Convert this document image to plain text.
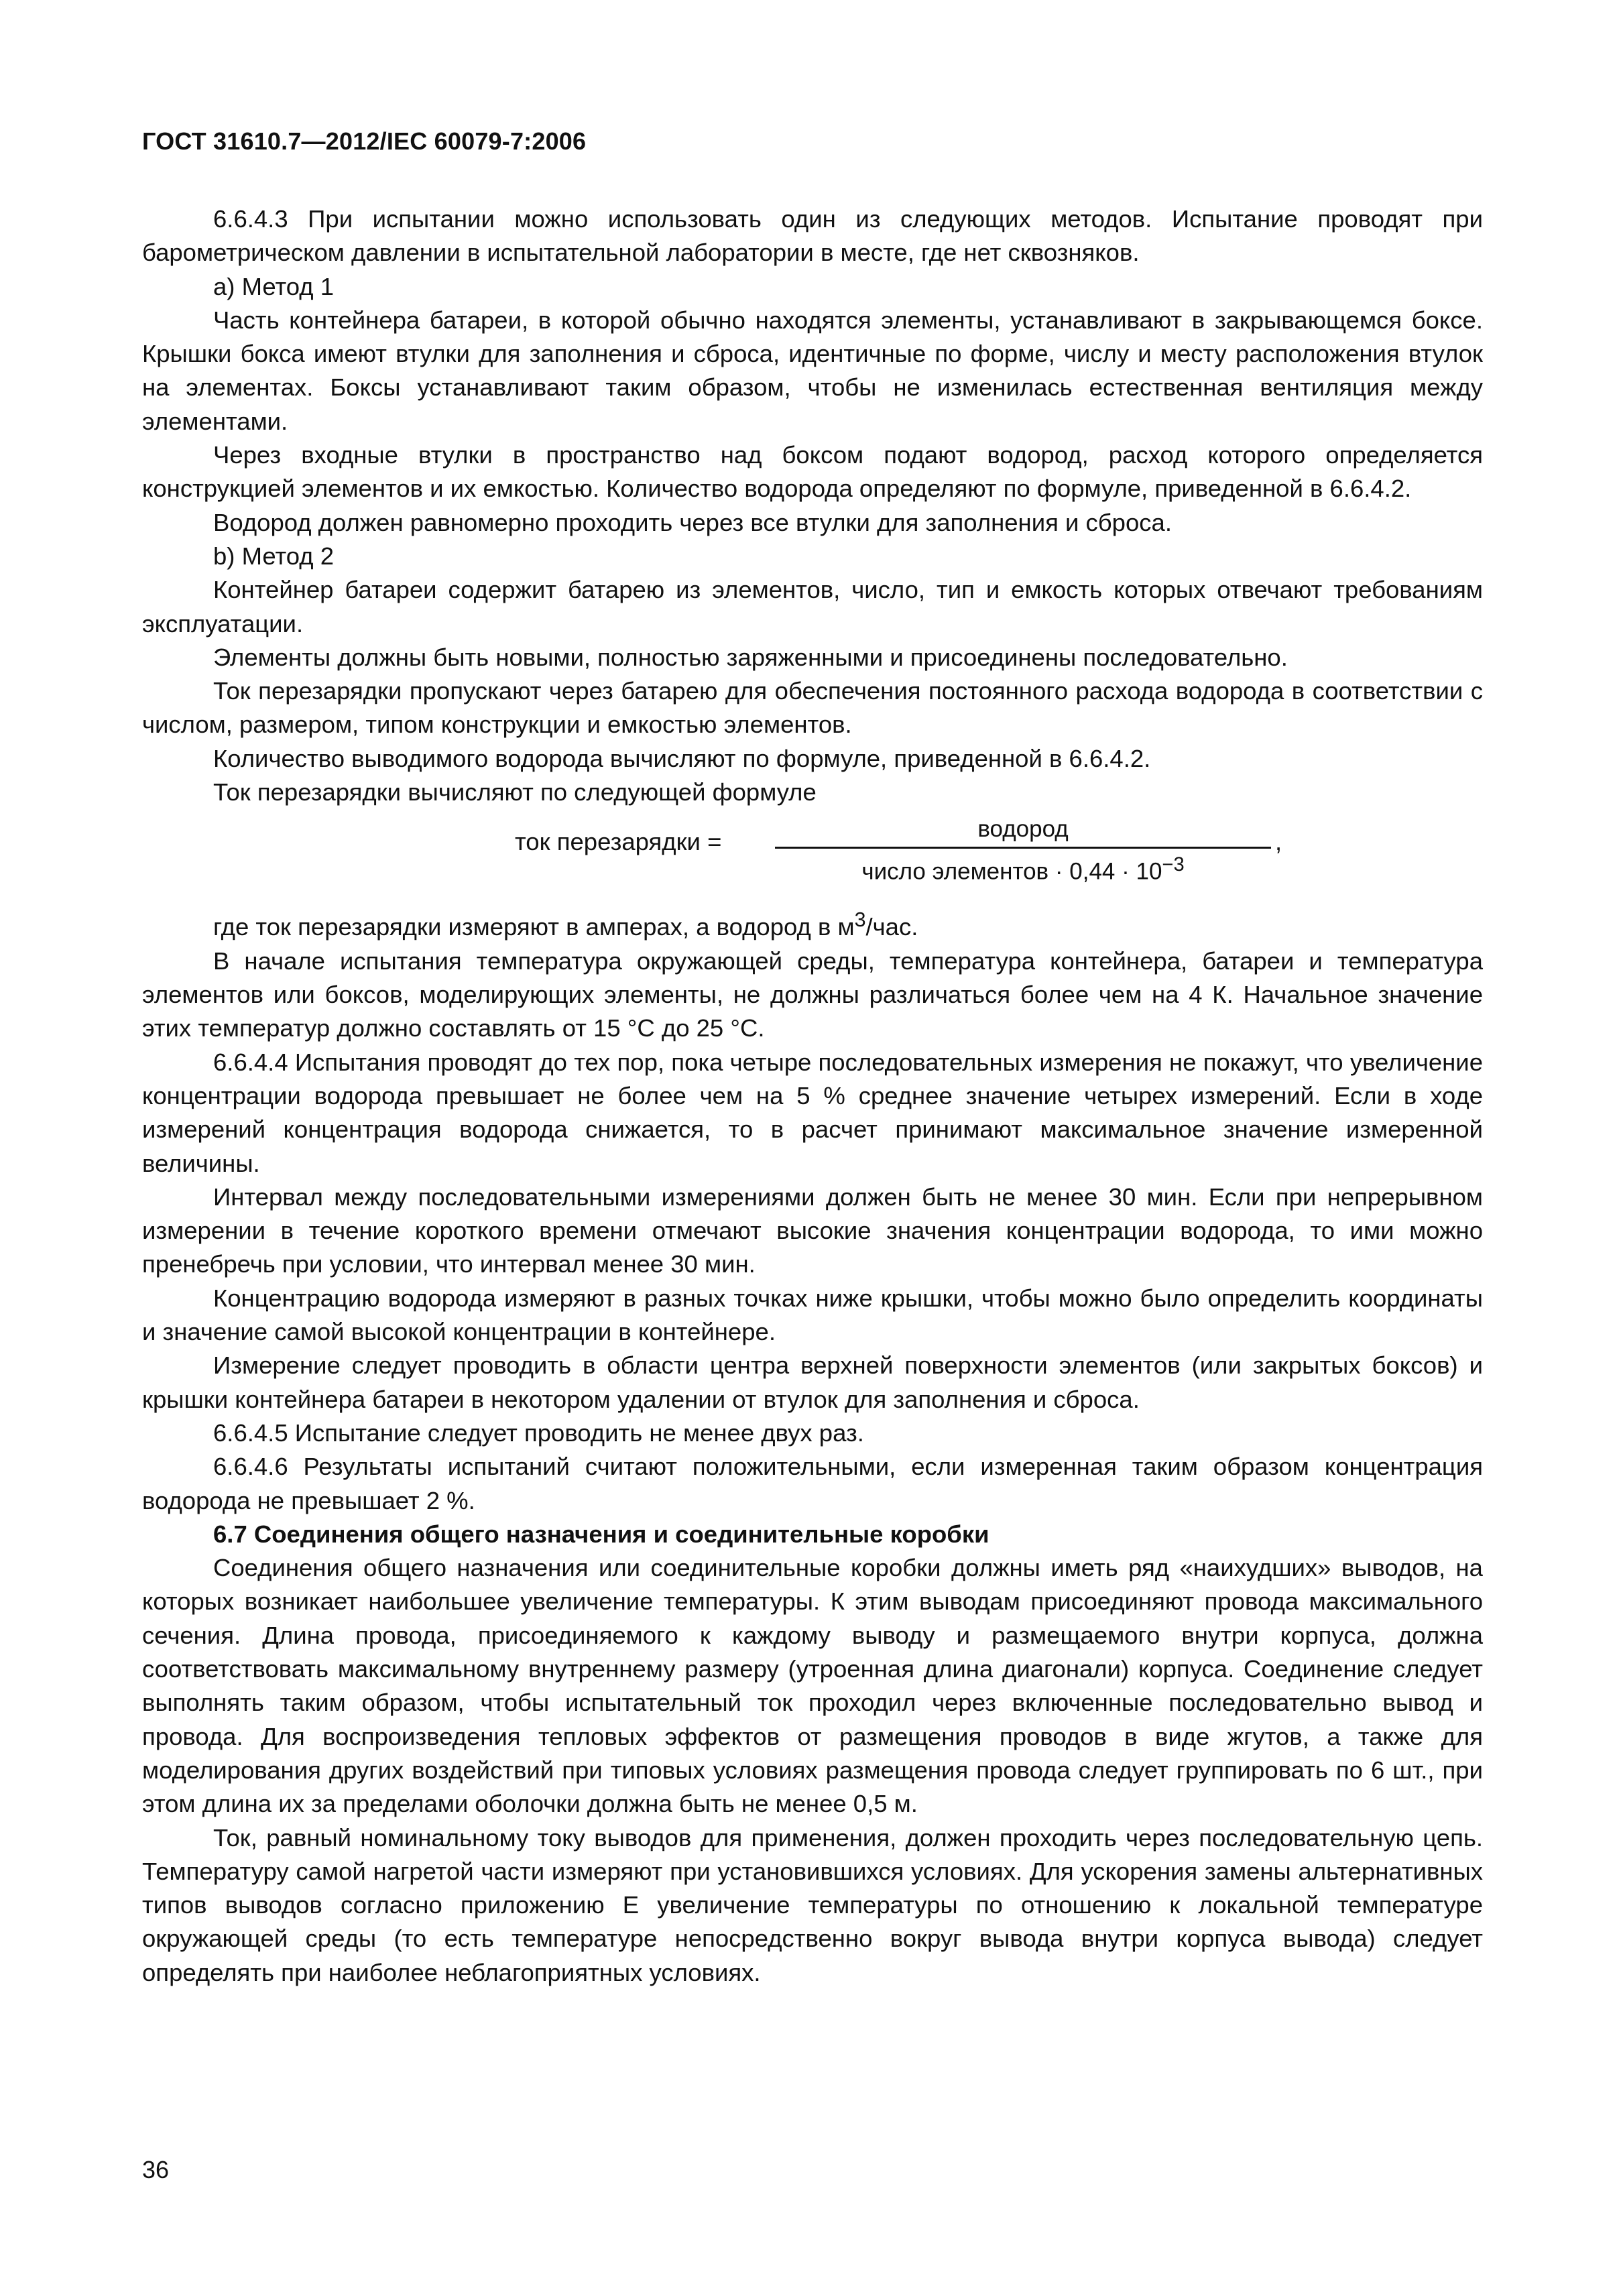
ГОСТ 31610.7—2012/IEC 60079-7:2006

6.6.4.3 При испытании можно использовать один из следующих методов. Испытание проводят при барометрическом давлении в испытательной лаборатории в месте, где нет сквозняков.

а) Метод 1

Часть контейнера батареи, в которой обычно находятся элементы, устанавливают в закрывающемся боксе. Крышки бокса имеют втулки для заполнения и сброса, идентичные по форме, числу и месту расположения втулок на элементах. Боксы устанавливают таким образом, чтобы не изменилась естественная вентиляция между элементами.

Через входные втулки в пространство над боксом подают водород, расход которого определяется конструкцией элементов и их емкостью. Количество водорода определяют по формуле, приведенной в 6.6.4.2.

Водород должен равномерно проходить через все втулки для заполнения и сброса.

b) Метод 2

Контейнер батареи содержит батарею из элементов, число, тип и емкость которых отвечают требованиям эксплуатации.

Элементы должны быть новыми, полностью заряженными и присоединены последовательно.

Ток перезарядки пропускают через батарею для обеспечения постоянного расхода водорода в соответствии с числом, размером, типом конструкции и емкостью элементов.

Количество выводимого водорода вычисляют по формуле, приведенной в 6.6.4.2.

Ток перезарядки вычисляют по следующей формуле

ток перезарядки =	водород
число элементов · $0,44 \cdot 10^{-3}$
,

где ток перезарядки измеряют в амперах, а водород в $м^3$/час.

В начале испытания температура окружающей среды, температура контейнера, батареи и температура элементов или боксов, моделирующих элементы, не должны различаться более чем на 4 К. Начальное значение этих температур должно составлять от 15 °С до 25 °С.

6.6.4.4 Испытания проводят до тех пор, пока четыре последовательных измерения не покажут, что увеличение концентрации водорода превышает не более чем на 5 % среднее значение четырех измерений. Если в ходе измерений концентрация водорода снижается, то в расчет принимают максимальное значение измеренной величины.

Интервал между последовательными измерениями должен быть не менее 30 мин. Если при непрерывном измерении в течение короткого времени отмечают высокие значения концентрации водорода, то ими можно пренебречь при условии, что интервал менее 30 мин.

Концентрацию водорода измеряют в разных точках ниже крышки, чтобы можно было определить координаты и значение самой высокой концентрации в контейнере.

Измерение следует проводить в области центра верхней поверхности элементов (или закрытых боксов) и крышки контейнера батареи в некотором удалении от втулок для заполнения и сброса.

6.6.4.5 Испытание следует проводить не менее двух раз.

6.6.4.6 Результаты испытаний считают положительными, если измеренная таким образом концентрация водорода не превышает 2 %.

6.7 Соединения общего назначения и соединительные коробки

Соединения общего назначения или соединительные коробки должны иметь ряд «наихудших» выводов, на которых возникает наибольшее увеличение температуры. К этим выводам присоединяют провода максимального сечения. Длина провода, присоединяемого к каждому выводу и размещаемого внутри корпуса, должна соответствовать максимальному внутреннему размеру (утроенная длина диагонали) корпуса. Соединение следует выполнять таким образом, чтобы испытательный ток проходил через включенные последовательно вывод и провода. Для воспроизведения тепловых эффектов от размещения проводов в виде жгутов, а также для моделирования других воздействий при типовых условиях размещения провода следует группировать по 6 шт., при этом длина их за пределами оболочки должна быть не менее 0,5 м.

Ток, равный номинальному току выводов для применения, должен проходить через последовательную цепь. Температуру самой нагретой части измеряют при установившихся условиях. Для ускорения замены альтернативных типов выводов согласно приложению Е увеличение температуры по отношению к локальной температуре окружающей среды (то есть температуре непосредственно вокруг вывода внутри корпуса вывода) следует определять при наиболее неблагоприятных условиях.

36
